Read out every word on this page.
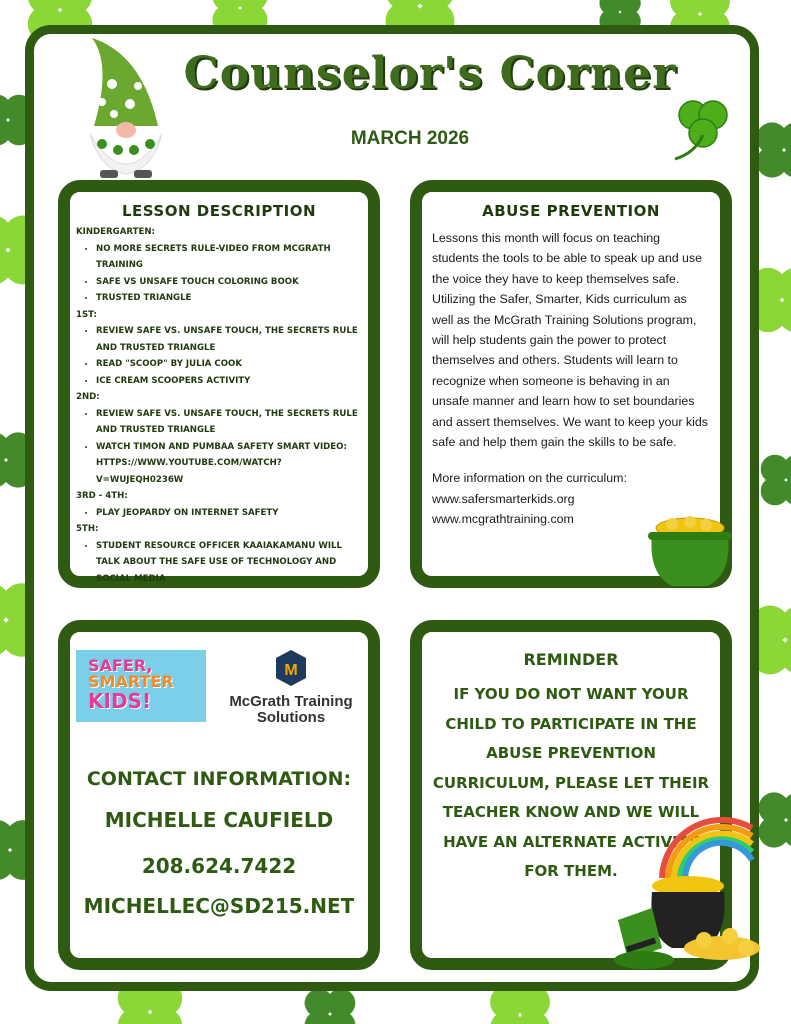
Counselor's Corner
MARCH 2026
LESSON DESCRIPTION
KINDERGARTEN:
• NO MORE SECRETS RULE-VIDEO FROM MCGRATH TRAINING
• SAFE VS UNSAFE TOUCH COLORING BOOK
• TRUSTED TRIANGLE
1ST:
• REVIEW SAFE VS. UNSAFE TOUCH, THE SECRETS RULE AND TRUSTED TRIANGLE
• READ "SCOOP" BY JULIA COOK
• ICE CREAM SCOOPERS ACTIVITY
2ND:
• REVIEW SAFE VS. UNSAFE TOUCH, THE SECRETS RULE AND TRUSTED TRIANGLE
• WATCH TIMON AND PUMBAA SAFETY SMART VIDEO: HTTPS://WWW.YOUTUBE.COM/WATCH?V=WUJEQH0236W
3RD - 4TH:
• PLAY JEOPARDY ON INTERNET SAFETY
5TH:
• STUDENT RESOURCE OFFICER KAAIAKAMANU WILL TALK ABOUT THE SAFE USE OF TECHNOLOGY AND SOCIAL MEDIA
ABUSE PREVENTION
Lessons this month will focus on teaching students the tools to be able to speak up and use the voice they have to keep themselves safe. Utilizing the Safer, Smarter, Kids curriculum as well as the McGrath Training Solutions program, will help students gain the power to protect themselves and others. Students will learn to recognize when someone is behaving in an unsafe manner and learn how to set boundaries and assert themselves. We want to keep your kids safe and help them gain the skills to be safe.
More information on the curriculum:
www.safersmarterkids.org
www.mcgrathtraining.com
SAFER,
SMARTER
KIDS!
M
McGrath Training
Solutions
CONTACT INFORMATION:
MICHELLE CAUFIELD
208.624.7422
MICHELLEC@SD215.NET
REMINDER
IF YOU DO NOT WANT YOUR CHILD TO PARTICIPATE IN THE ABUSE PREVENTION CURRICULUM, PLEASE LET THEIR TEACHER KNOW AND WE WILL HAVE AN ALTERNATE ACTIVITY FOR THEM.
